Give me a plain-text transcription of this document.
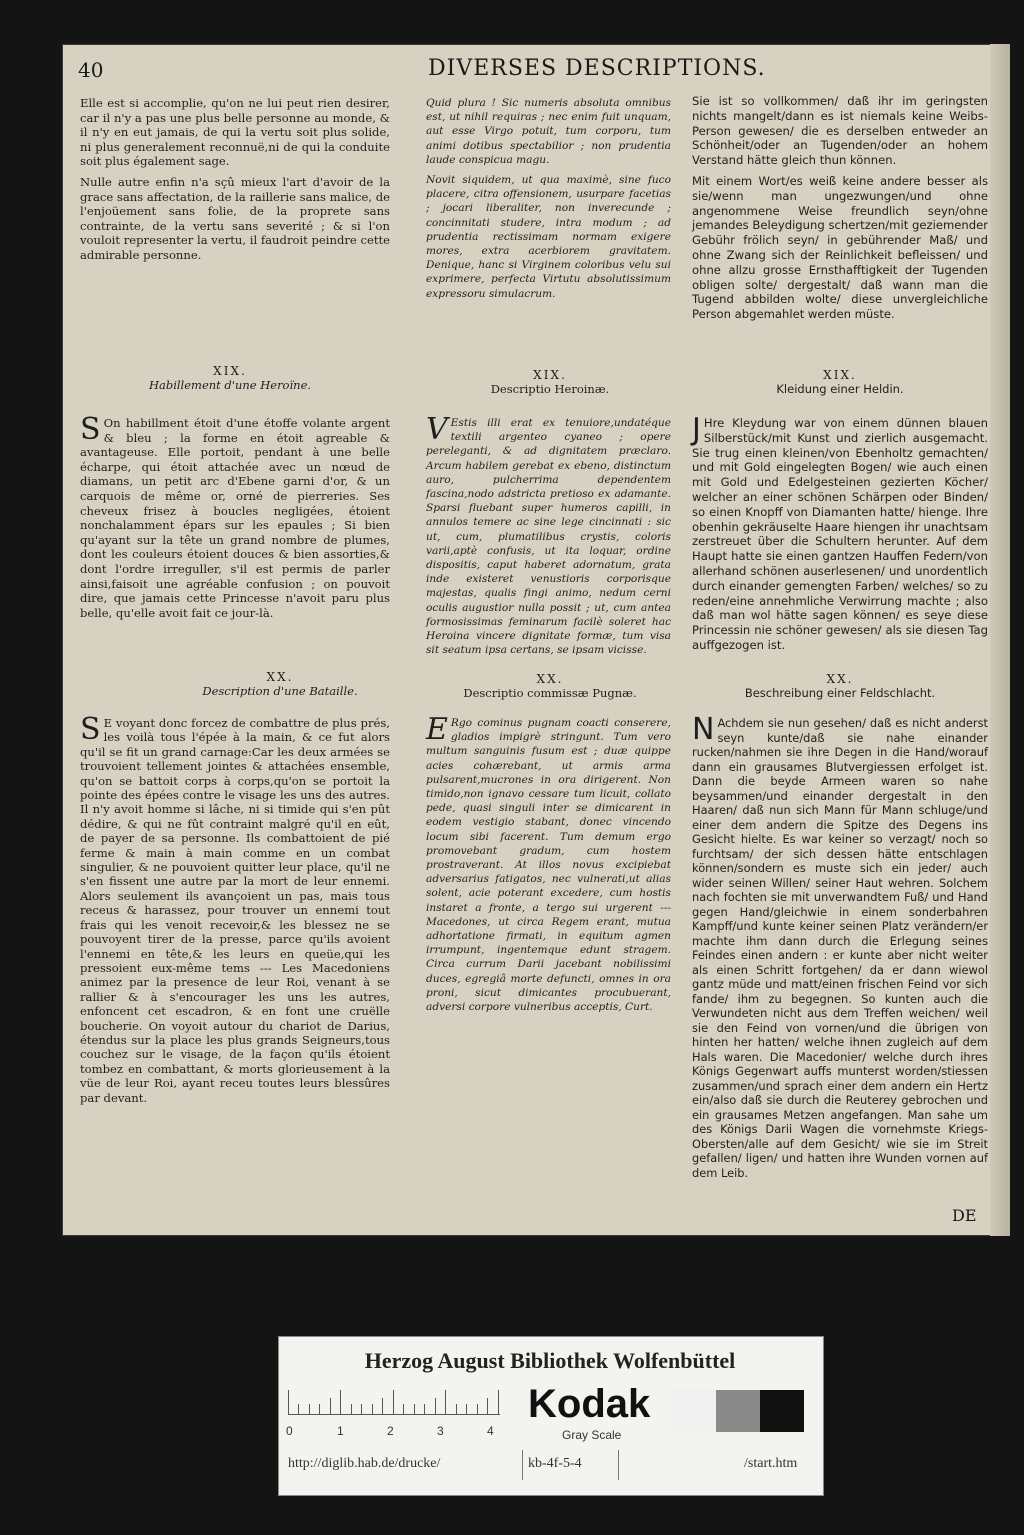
40	DIVERSES DESCRIPTIONS.

Elle est si accomplie, qu'on ne lui peut rien desirer, car il n'y a pas une plus belle personne au monde, & il n'y en eut jamais, de qui la vertu soit plus solide, ni plus generalement reconnuë,ni de qui la conduite soit plus également sage.

Nulle autre enfin n'a sçû mieux l'art d'avoir de la grace sans affectation, de la raillerie sans malice, de l'enjoüement sans folie, de la proprete sans contrainte, de la vertu sans severité ; & si l'on vouloit representer la vertu, il faudroit peindre cette admirable personne.

Quid plura ! Sic numeris absoluta omnibus est, ut nihil requiras ; nec enim fuit unquam, aut esse Virgo potuit, tum corporu, tum animi dotibus spectabilior ; non prudentia laude conspicua magu.

Novit siquidem, ut qua maximè, sine fuco placere, citra offensionem, usurpare facetias ; jocari liberaliter, non inverecunde ; concinnitati studere, intra modum ; ad prudentia rectissimam normam exigere mores, extra acerbiorem gravitatem. Denique, hanc si Virginem coloribus velu sui exprimere, perfecta Virtutu absolutissimum expressoru simulacrum.

Sie ist so vollkommen/ daß ihr im geringsten nichts mangelt/dann es ist niemals keine Weibs-Person gewesen/ die es derselben entweder an Schönheit/oder an Tugenden/oder an hohem Verstand hätte gleich thun können.

Mit einem Wort/es weiß keine andere besser als sie/wenn man ungezwungen/und ohne angenommene Weise freundlich seyn/ohne jemandes Beleydigung schertzen/mit geziemender Gebühr frölich seyn/ in gebührender Maß/ und ohne Zwang sich der Reinlichkeit befleissen/ und ohne allzu grosse Ernsthafftigkeit der Tugenden obligen solte/ dergestalt/ daß wann man die Tugend abbilden wolte/ diese unvergleichliche Person abgemahlet werden müste.

XIX.
Habillement d'une Heroïne.
XIX.
Descriptio Heroinæ.
XIX.
Kleidung einer Heldin.

S On habillment étoit d'une étoffe volante argent & bleu ; la forme en étoit agreable & avantageuse. Elle portoit, pendant à une belle écharpe, qui étoit attachée avec un nœud de diamans, un petit arc d'Ebene garni d'or, & un carquois de même or, orné de pierreries. Ses cheveux frisez à boucles negligées, étoient nonchalamment épars sur les epaules ; Si bien qu'ayant sur la tête un grand nombre de plumes, dont les couleurs étoient douces & bien assorties,& dont l'ordre irreguller, s'il est permis de parler ainsi,faisoit une agréable confusion ; on pouvoit dire, que jamais cette Princesse n'avoit paru plus belle, qu'elle avoit fait ce jour-là.

V Estis illi erat ex tenuiore,undatéque textili argenteo cyaneo ; opere pereleganti, & ad dignitatem præclaro. Arcum habilem gerebat ex ebeno, distinctum auro, pulcherrima dependentem fascina,nodo adstricta pretioso ex adamante. Sparsi fluebant super humeros capilli, in annulos temere ac sine lege cincinnati : sic ut, cum, plumatilibus crystis, coloris varii,aptè confusis, ut ita loquar, ordine dispositis, caput haberet adornatum, grata inde existeret venustioris corporisque majestas, qualis fingi animo, nedum cerni oculis augustior nulla possit ; ut, cum antea formosissimas feminarum facilè soleret hac Heroina vincere dignitate formæ, tum visa sit seatum ipsa certans, se ipsam vicisse.

J Hre Kleydung war von einem dünnen blauen Silberstück/mit Kunst und zierlich ausgemacht. Sie trug einen kleinen/von Ebenholtz gemachten/ und mit Gold eingelegten Bogen/ wie auch einen mit Gold und Edelgesteinen gezierten Köcher/ welcher an einer schönen Schärpen oder Binden/ so einen Knopff von Diamanten hatte/ hienge. Ihre obenhin gekräuselte Haare hiengen ihr unachtsam zerstreuet über die Schultern herunter. Auf dem Haupt hatte sie einen gantzen Hauffen Federn/von allerhand schönen auserlesenen/ und unordentlich durch einander gemengten Farben/ welches/ so zu reden/eine annehmliche Verwirrung machte ; also daß man wol hätte sagen können/ es seye diese Princessin nie schöner gewesen/ als sie diesen Tag auffgezogen ist.

XX.
Description d'une Bataille.
XX.
Descriptio commissæ Pugnæ.
XX.
Beschreibung einer Feldschlacht.

S E voyant donc forcez de combattre de plus prés, les voilà tous l'épée à la main, & ce fut alors qu'il se fit un grand carnage:Car les deux armées se trouvoient tellement jointes & attachées ensemble, qu'on se battoit corps à corps,qu'on se portoit la pointe des épées contre le visage les uns des autres. Il n'y avoit homme si lâche, ni si timide qui s'en pût dédire, & qui ne fût contraint malgré qu'il en eût, de payer de sa personne. Ils combattoient de pié ferme & main à main comme en un combat singulier, & ne pouvoient quitter leur place, qu'il ne s'en fissent une autre par la mort de leur ennemi. Alors seulement ils avançoient un pas, mais tous receus & harassez, pour trouver un ennemi tout frais qui les venoit recevoir,& les blessez ne se pouvoyent tirer de la presse, parce qu'ils avoient l'ennemi en tête,& les leurs en queüe,qui les pressoient eux-même tems --- Les Macedoniens animez par la presence de leur Roi, venant à se rallier & à s'encourager les uns les autres, enfoncent cet escadron, & en font une cruëlle boucherie. On voyoit autour du chariot de Darius, étendus sur la place les plus grands Seigneurs,tous couchez sur le visage, de la façon qu'ils étoient tombez en combattant, & morts glorieusement à la vüe de leur Roi, ayant receu toutes leurs blessûres par devant.

E Rgo cominus pugnam coacti conserere, gladios impigrè stringunt. Tum vero multum sanguinis fusum est ; duæ quippe acies cohærebant, ut armis arma pulsarent,mucrones in ora dirigerent. Non timido,non ignavo cessare tum licuit, collato pede, quasi singuli inter se dimicarent in eodem vestigio stabant, donec vincendo locum sibi facerent. Tum demum ergo promovebant gradum, cum hostem prostraverant. At illos novus excipiebat adversarius fatigatos, nec vulnerati,ut alias solent, acie poterant excedere, cum hostis instaret a fronte, a tergo sui urgerent --- Macedones, ut circa Regem erant, mutua adhortatione firmati, in equitum agmen irrumpunt, ingentemque edunt stragem. Circa currum Darii jacebant nobilissimi duces, egregiâ morte defuncti, omnes in ora proni, sicut dimicantes procubuerant, adversi corpore vulneribus acceptis, Curt.

N Achdem sie nun gesehen/ daß es nicht anderst seyn kunte/daß sie nahe einander rucken/nahmen sie ihre Degen in die Hand/worauf dann ein grausames Blutvergiessen erfolget ist. Dann die beyde Armeen waren so nahe beysammen/und einander dergestalt in den Haaren/ daß nun sich Mann für Mann schluge/und einer dem andern die Spitze des Degens ins Gesicht hielte. Es war keiner so verzagt/ noch so furchtsam/ der sich dessen hätte entschlagen können/sondern es muste sich ein jeder/ auch wider seinen Willen/ seiner Haut wehren. Solchem nach fochten sie mit unverwandtem Fuß/ und Hand gegen Hand/gleichwie in einem sonderbahren Kampff/und kunte keiner seinen Platz verändern/er machte ihm dann durch die Erlegung seines Feindes einen andern : er kunte aber nicht weiter als einen Schritt fortgehen/ da er dann wiewol gantz müde und matt/einen frischen Feind vor sich fande/ ihm zu begegnen. So kunten auch die Verwundeten nicht aus dem Treffen weichen/ weil sie den Feind von vornen/und die übrigen von hinten her hatten/ welche ihnen zugleich auf dem Hals waren. Die Macedonier/ welche durch ihres Königs Gegenwart auffs munterst worden/stiessen zusammen/und sprach einer dem andern ein Hertz ein/also daß sie durch die Reuterey gebrochen und ein grausames Metzen angefangen. Man sahe um des Königs Darii Wagen die vornehmste Kriegs-Obersten/alle auf dem Gesicht/ wie sie im Streit gefallen/ ligen/ und hatten ihre Wunden vornen auf dem Leib.

DE
Herzog August Bibliothek Wolfenbüttel
0	1	2	3	4
Kodak
Gray Scale
http://diglib.hab.de/drucke/	kb-4f-5-4	/start.htm
